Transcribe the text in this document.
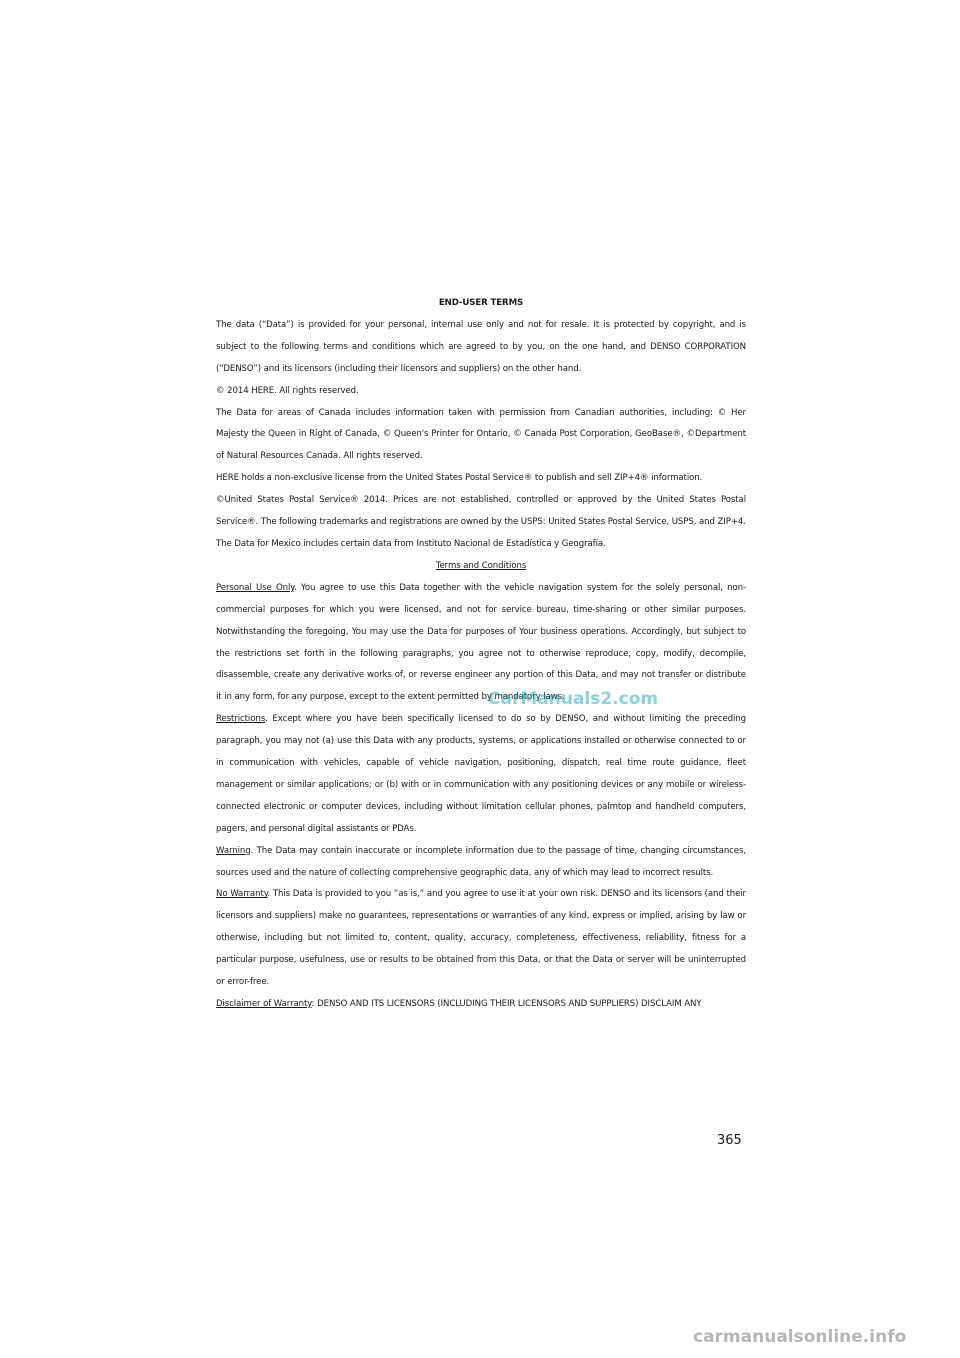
END-USER TERMS

The data (“Data”) is provided for your personal, internal use only and not for resale. It is protected by copyright, and is subject to the following terms and conditions which are agreed to by you, on the one hand, and DENSO CORPORATION (“DENSO”) and its licensors (including their licensors and suppliers) on the other hand.

© 2014 HERE. All rights reserved.

The Data for areas of Canada includes information taken with permission from Canadian authorities, including: © Her Majesty the Queen in Right of Canada, © Queen's Printer for Ontario, © Canada Post Corporation, GeoBase®, ©Department of Natural Resources Canada. All rights reserved.

HERE holds a non-exclusive license from the United States Postal Service® to publish and sell ZIP+4® information.

©United States Postal Service® 2014. Prices are not established, controlled or approved by the United States Postal Service®. The following trademarks and registrations are owned by the USPS: United States Postal Service, USPS, and ZIP+4.

The Data for Mexico includes certain data from Instituto Nacional de Estadística y Geografía.

Terms and Conditions

Personal Use Only. You agree to use this Data together with the vehicle navigation system for the solely personal, non-commercial purposes for which you were licensed, and not for service bureau, time-sharing or other similar purposes. Notwithstanding the foregoing, You may use the Data for purposes of Your business operations. Accordingly, but subject to the restrictions set forth in the following paragraphs, you agree not to otherwise reproduce, copy, modify, decompile, disassemble, create any derivative works of, or reverse engineer any portion of this Data, and may not transfer or distribute it in any form, for any purpose, except to the extent permitted by mandatory laws.

Restrictions. Except where you have been specifically licensed to do so by DENSO, and without limiting the preceding paragraph, you may not (a) use this Data with any products, systems, or applications installed or otherwise connected to or in communication with vehicles, capable of vehicle navigation, positioning, dispatch, real time route guidance, fleet management or similar applications; or (b) with or in communication with any positioning devices or any mobile or wireless-connected electronic or computer devices, including without limitation cellular phones, palmtop and handheld computers, pagers, and personal digital assistants or PDAs.

Warning. The Data may contain inaccurate or incomplete information due to the passage of time, changing circumstances, sources used and the nature of collecting comprehensive geographic data, any of which may lead to incorrect results.

No Warranty. This Data is provided to you “as is,” and you agree to use it at your own risk. DENSO and its licensors (and their licensors and suppliers) make no guarantees, representations or warranties of any kind, express or implied, arising by law or otherwise, including but not limited to, content, quality, accuracy, completeness, effectiveness, reliability, fitness for a particular purpose, usefulness, use or results to be obtained from this Data, or that the Data or server will be uninterrupted or error-free.

Disclaimer of Warranty: DENSO AND ITS LICENSORS (INCLUDING THEIR LICENSORS AND SUPPLIERS) DISCLAIM ANY

CarManuals2.com
365
carmanualsonline.info
